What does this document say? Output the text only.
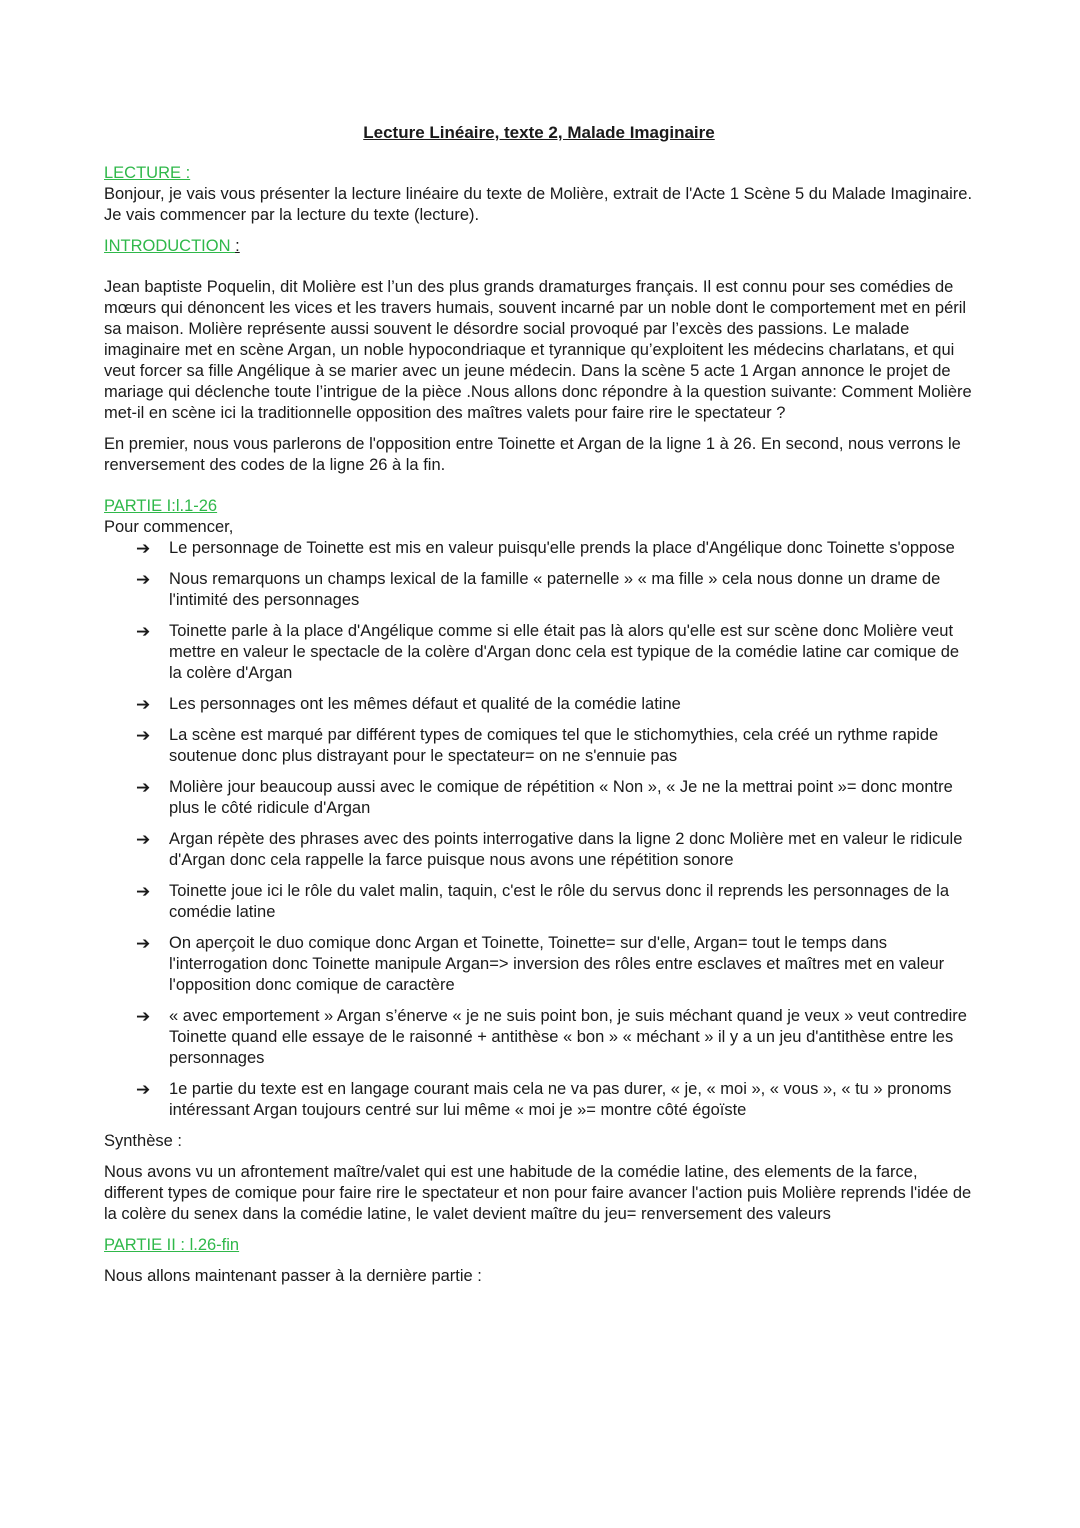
Lecture Linéaire, texte 2, Malade Imaginaire

LECTURE :

Bonjour, je vais vous présenter la lecture linéaire du texte de Molière, extrait de l'Acte 1 Scène 5 du Malade Imaginaire. Je vais commencer par la lecture du texte (lecture).

INTRODUCTION :

Jean baptiste Poquelin, dit Molière est l’un des plus grands dramaturges français. Il est connu pour ses comédies de mœurs qui dénoncent les vices et les travers humais, souvent incarné par un noble dont le comportement met en péril sa maison. Molière représente aussi souvent le désordre social provoqué par l’excès des passions. Le malade imaginaire met en scène Argan, un noble hypocondriaque et tyrannique qu’exploitent les médecins charlatans, et qui veut forcer sa fille Angélique à se marier avec un jeune médecin. Dans la scène 5 acte 1 Argan annonce le projet de mariage qui déclenche toute l’intrigue de la pièce .Nous allons donc répondre à la question suivante: Comment Molière met-il en scène ici la traditionnelle opposition des maîtres valets pour faire rire le spectateur ?

En premier, nous vous parlerons de l'opposition entre Toinette et Argan de la ligne 1 à 26. En second, nous verrons le renversement des codes de la ligne 26 à la fin.

PARTIE I:l.1-26

Pour commencer,

➔ Le personnage de Toinette est mis en valeur puisqu'elle prends la place d'Angélique donc Toinette s'oppose
➔ Nous remarquons un champs lexical de la famille « paternelle » « ma fille » cela nous donne un drame de l'intimité des personnages
➔ Toinette parle à la place d'Angélique comme si elle était pas là alors qu'elle est sur scène donc Molière veut mettre en valeur le spectacle de la colère d'Argan donc cela est typique de la comédie latine car comique de la colère d'Argan
➔ Les personnages ont les mêmes défaut et qualité de la comédie latine
➔ La scène est marqué par différent types de comiques tel que le stichomythies, cela créé un rythme rapide soutenue donc plus distrayant pour le spectateur= on ne s'ennuie pas
➔ Molière jour beaucoup aussi avec le comique de répétition « Non », « Je ne la mettrai point »= donc montre plus le côté ridicule d'Argan
➔ Argan répète des phrases avec des points interrogative dans la ligne 2 donc Molière met en valeur le ridicule d'Argan donc cela rappelle la farce puisque nous avons une répétition sonore
➔ Toinette joue ici le rôle du valet malin, taquin, c'est le rôle du servus donc il reprends les personnages de la comédie latine
➔ On aperçoit le duo comique donc Argan et Toinette, Toinette= sur d'elle, Argan= tout le temps dans l'interrogation donc Toinette manipule Argan=> inversion des rôles entre esclaves et maîtres met en valeur l'opposition donc comique de caractère
➔ « avec emportement » Argan s’énerve « je ne suis point bon, je suis méchant quand je veux » veut contredire Toinette quand elle essaye de le raisonné + antithèse « bon » « méchant » il y a un jeu d'antithèse entre les personnages
➔ 1e partie du texte est en langage courant mais cela ne va pas durer, « je, « moi », « vous », « tu » pronoms intéressant Argan toujours centré sur lui même « moi je »= montre côté égoïste

Synthèse :

Nous avons vu un afrontement maître/valet qui est une habitude de la comédie latine, des elements de la farce, different types de comique pour faire rire le spectateur et non pour faire avancer l'action puis Molière reprends l'idée de la colère du senex dans la comédie latine, le valet devient maître du jeu= renversement des valeurs

PARTIE II : l.26-fin

Nous allons maintenant passer à la dernière partie :
